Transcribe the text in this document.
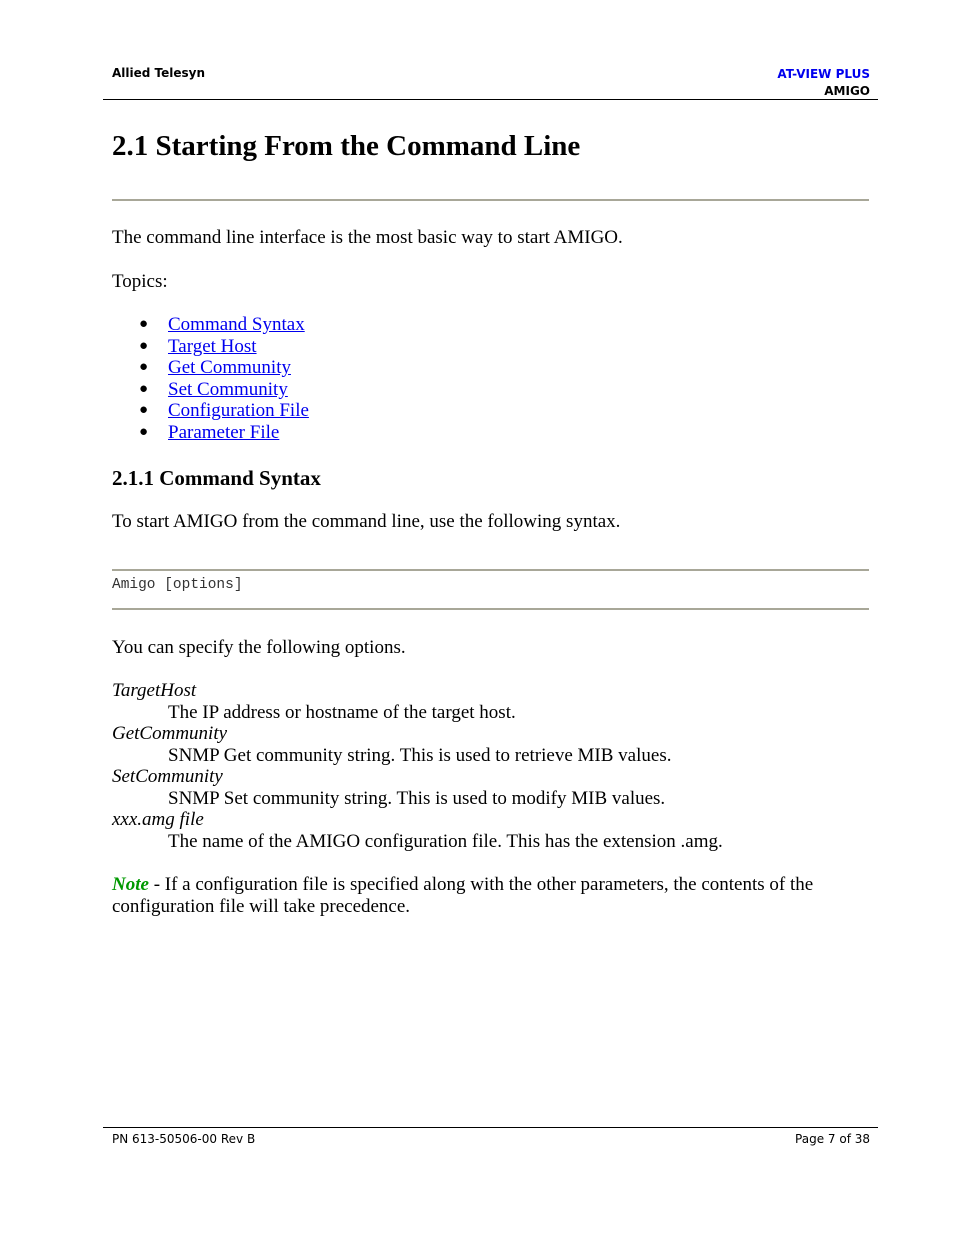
Allied Telesyn	AT-VIEW PLUS
AMIGO
2.1 Starting From the Command Line

The command line interface is the most basic way to start AMIGO.

Topics:

● Command Syntax
● Target Host
● Get Community
● Set Community
● Configuration File
● Parameter File
2.1.1 Command Syntax

To start AMIGO from the command line, use the following syntax.

Amigo [options]

You can specify the following options.

TargetHost

The IP address or hostname of the target host.

GetCommunity

SNMP Get community string. This is used to retrieve MIB values.

SetCommunity

SNMP Set community string. This is used to modify MIB values.

xxx.amg file

The name of the AMIGO configuration file. This has the extension .amg.

Note - If a configuration file is specified along with the other parameters, the contents of the configuration file will take precedence.

PN 613-50506-00 Rev B	Page 7 of 38
